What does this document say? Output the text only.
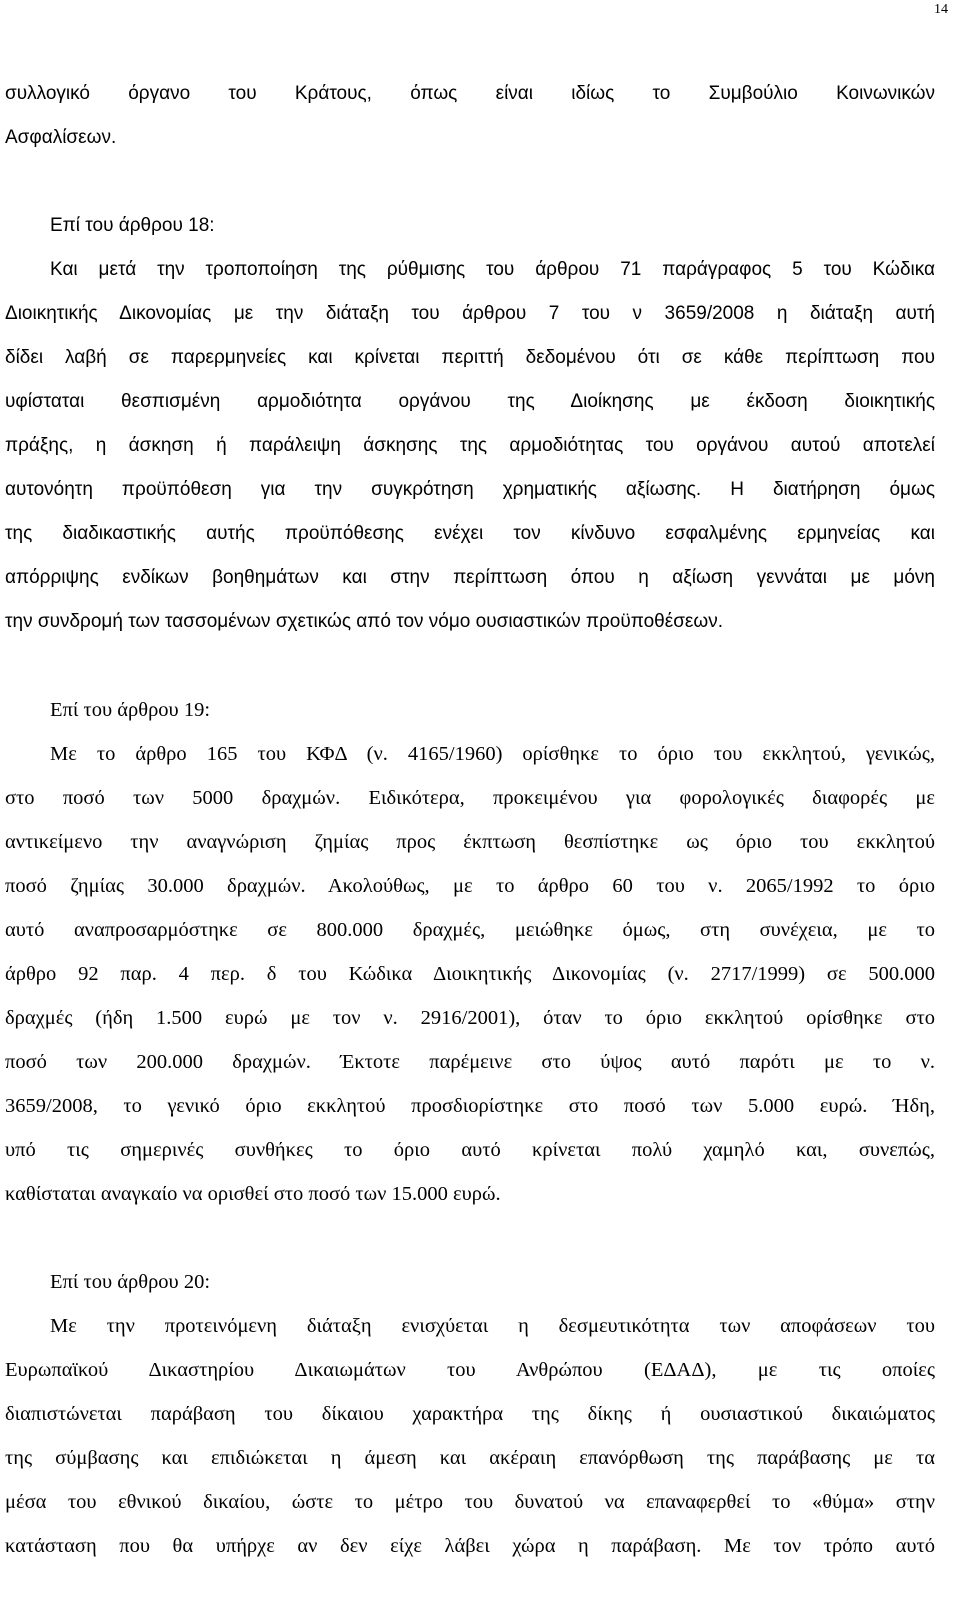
14
συλλογικό όργανο του Κράτους, όπως είναι ιδίως το Συμβούλιο Κοινωνικών
Ασφαλίσεων.
Επί του άρθρου 18:
Και μετά την τροποποίηση της ρύθμισης του άρθρου 71 παράγραφος 5 του Κώδικα
Διοικητικής Δικονομίας με την διάταξη του άρθρου 7 του ν 3659/2008 η διάταξη αυτή
δίδει λαβή σε παρερμηνείες και κρίνεται περιττή δεδομένου ότι σε κάθε περίπτωση που
υφίσταται θεσπισμένη αρμοδιότητα οργάνου της Διοίκησης με έκδοση διοικητικής
πράξης, η άσκηση ή παράλειψη άσκησης της αρμοδιότητας του οργάνου αυτού αποτελεί
αυτονόητη προϋπόθεση για την συγκρότηση χρηματικής αξίωσης. Η διατήρηση όμως
της διαδικαστικής αυτής προϋπόθεσης ενέχει τον κίνδυνο εσφαλμένης ερμηνείας και
απόρριψης ενδίκων βοηθημάτων και στην περίπτωση όπου η αξίωση γεννάται με μόνη
την συνδρομή των τασσομένων σχετικώς από τον νόμο ουσιαστικών προϋποθέσεων.
Επί του άρθρου 19:
Με το άρθρο 165 του ΚΦΔ (ν. 4165/1960) ορίσθηκε το όριο του εκκλητού, γενικώς,
στο ποσό των 5000 δραχμών. Ειδικότερα, προκειμένου για φορολογικές διαφορές με
αντικείμενο την αναγνώριση ζημίας προς έκπτωση θεσπίστηκε ως όριο του εκκλητού
ποσό ζημίας 30.000 δραχμών. Ακολούθως, με το άρθρο 60 του ν. 2065/1992 το όριο
αυτό αναπροσαρμόστηκε σε 800.000 δραχμές, μειώθηκε όμως, στη συνέχεια, με το
άρθρο 92 παρ. 4 περ. δ του Κώδικα Διοικητικής Δικονομίας (ν. 2717/1999) σε 500.000
δραχμές (ήδη 1.500 ευρώ με τον ν. 2916/2001), όταν το όριο εκκλητού ορίσθηκε στο
ποσό των 200.000 δραχμών. Έκτοτε παρέμεινε στο ύψος αυτό παρότι με το ν.
3659/2008, το γενικό όριο εκκλητού προσδιορίστηκε στο ποσό των 5.000 ευρώ. Ήδη,
υπό τις σημερινές συνθήκες το όριο αυτό κρίνεται πολύ χαμηλό και, συνεπώς,
καθίσταται αναγκαίο να ορισθεί στο ποσό των 15.000 ευρώ.
Επί του άρθρου 20:
Με την προτεινόμενη διάταξη ενισχύεται η δεσμευτικότητα των αποφάσεων του
Ευρωπαϊκού Δικαστηρίου Δικαιωμάτων του Ανθρώπου (ΕΔΑΔ), με τις οποίες
διαπιστώνεται παράβαση του δίκαιου χαρακτήρα της δίκης ή ουσιαστικού δικαιώματος
της σύμβασης και επιδιώκεται η άμεση και ακέραιη επανόρθωση της παράβασης με τα
μέσα του εθνικού δικαίου, ώστε το μέτρο του δυνατού να επαναφερθεί το «θύμα» στην
κατάσταση που θα υπήρχε αν δεν είχε λάβει χώρα η παράβαση. Με τον τρόπο αυτό
